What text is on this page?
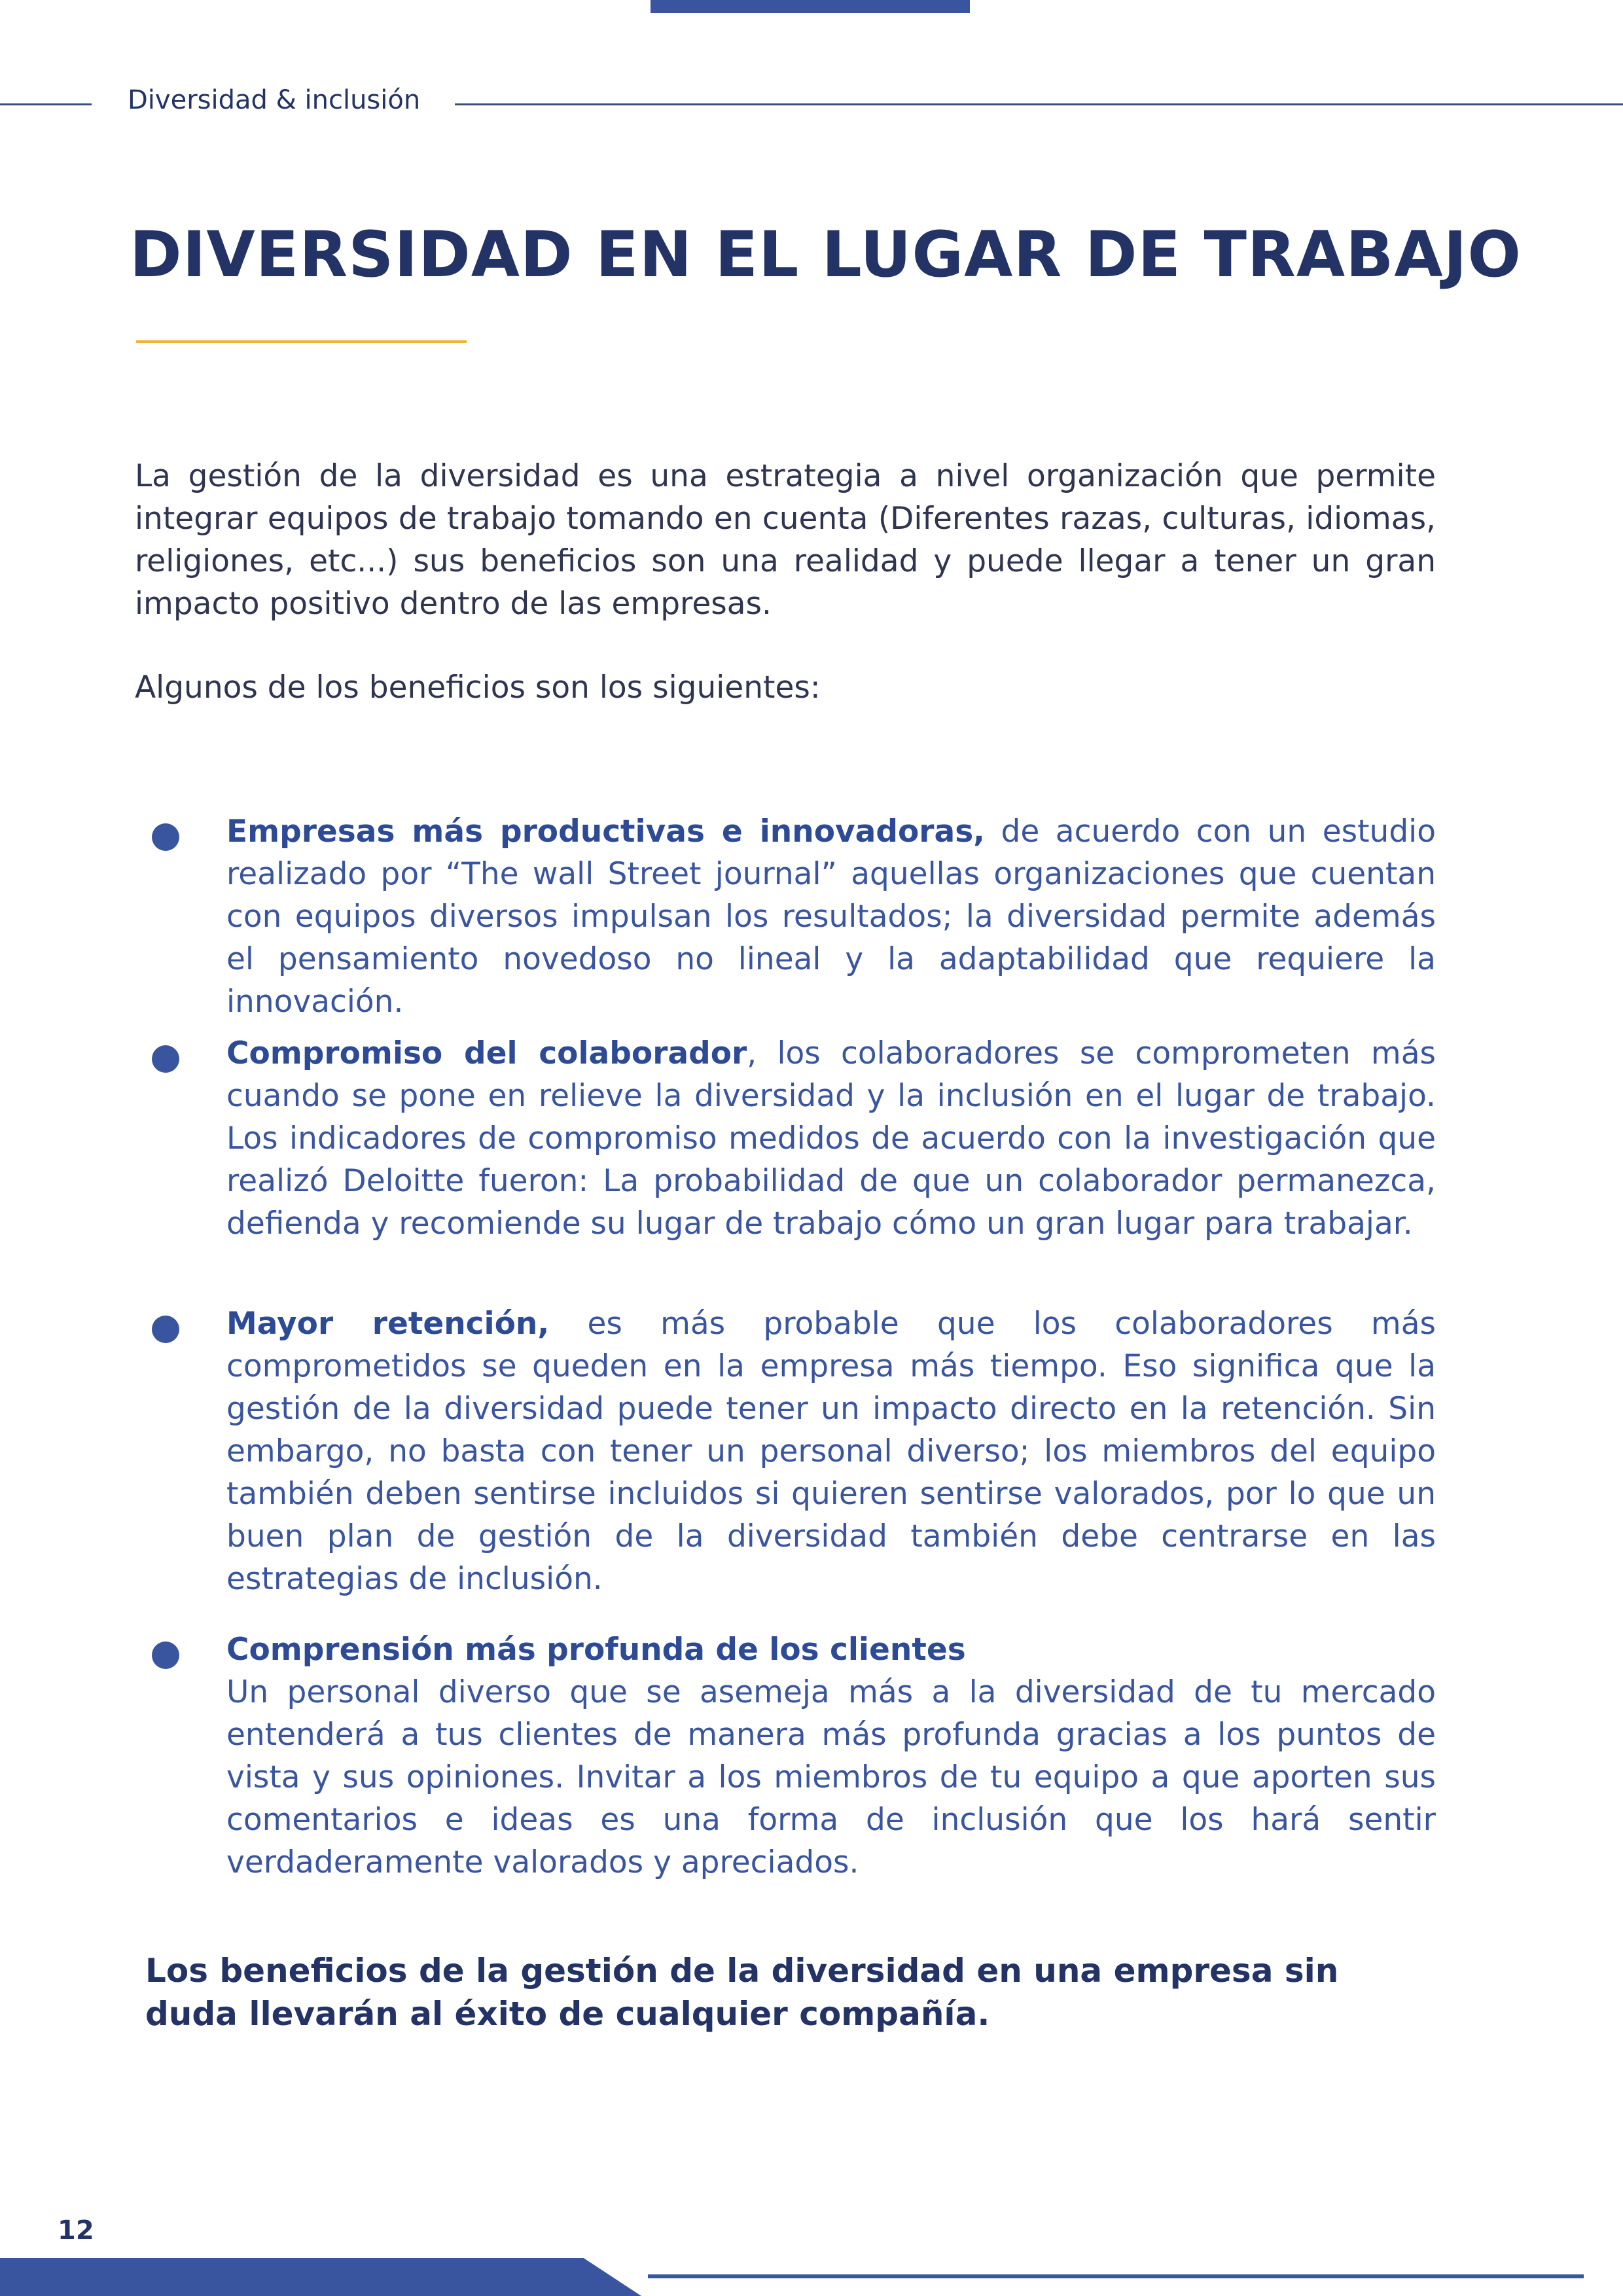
Diversidad & inclusión
DIVERSIDAD EN EL LUGAR DE TRABAJO

La gestión de la diversidad es una estrategia a nivel organización que permite integrar equipos de trabajo tomando en cuenta (Diferentes razas, culturas, idiomas, religiones, etc...) sus beneficios son una realidad y puede llegar a tener un gran impacto positivo dentro de las empresas.

Algunos de los beneficios son los siguientes:

Empresas más productivas e innovadoras, de acuerdo con un estudio realizado por “The wall Street journal” aquellas organizaciones que cuentan con equipos diversos impulsan los resultados; la diversidad permite además el pensamiento novedoso no lineal y la adaptabilidad que requiere la innovación.

Compromiso del colaborador, los colaboradores se comprometen más cuando se pone en relieve la diversidad y la inclusión en el lugar de trabajo. Los indicadores de compromiso medidos de acuerdo con la investigación que realizó Deloitte fueron: La probabilidad de que un colaborador permanezca, defienda y recomiende su lugar de trabajo cómo un gran lugar para trabajar.

Mayor retención, es más probable que los colaboradores más comprometidos se queden en la empresa más tiempo. Eso significa que la gestión de la diversidad puede tener un impacto directo en la retención. Sin embargo, no basta con tener un personal diverso; los miembros del equipo también deben sentirse incluidos si quieren sentirse valorados, por lo que un buen plan de gestión de la diversidad también debe centrarse en las estrategias de inclusión.

Comprensión más profunda de los clientes
Un personal diverso que se asemeja más a la diversidad de tu mercado entenderá a tus clientes de manera más profunda gracias a los puntos de vista y sus opiniones. Invitar a los miembros de tu equipo a que aporten sus comentarios e ideas es una forma de inclusión que los hará sentir verdaderamente valorados y apreciados.

Los beneficios de la gestión de la diversidad en una empresa sin duda llevarán al éxito de cualquier compañía.

12
